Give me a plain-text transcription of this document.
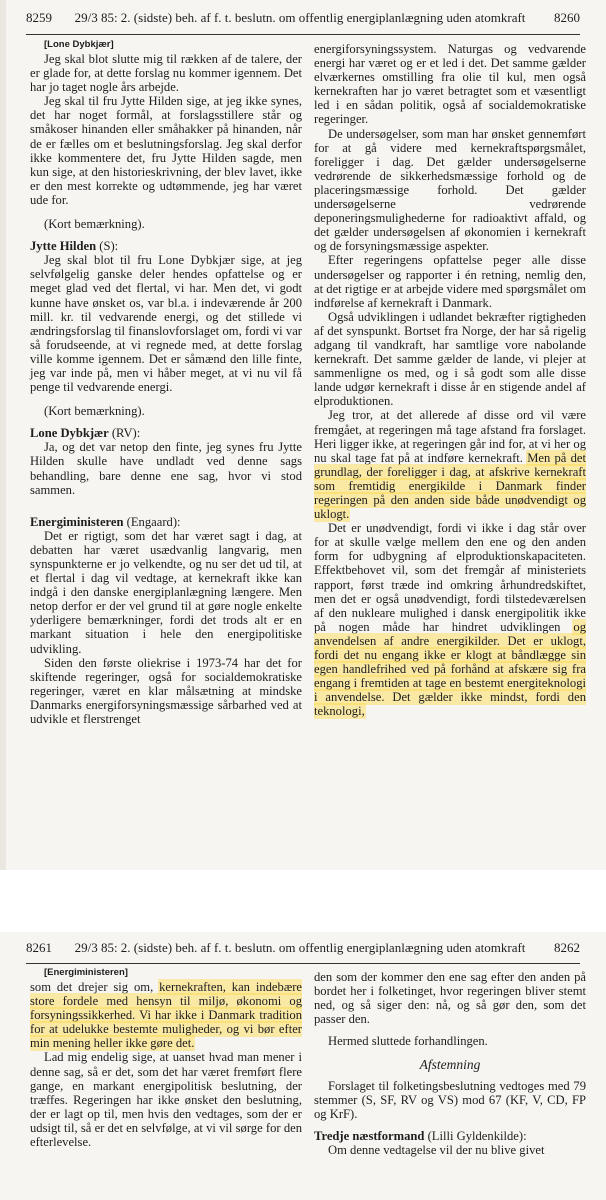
8259 29/3 85: 2. (sidste) beh. af f. t. beslutn. om offentlig energiplanlægning uden atomkraft 8260

[Lone Dybkjær]

Jeg skal blot slutte mig til rækken af de talere, der er glade for, at dette forslag nu kommer igennem. Det har jo taget nogle års arbejde.

Jeg skal til fru Jytte Hilden sige, at jeg ikke synes, det har noget formål, at forslagsstillere står og småkoser hinanden eller småhakker på hinanden, når de er fælles om et beslutningsforslag. Jeg skal derfor ikke kommentere det, fru Jytte Hilden sagde, men kun sige, at den historieskrivning, der blev lavet, ikke er den mest korrekte og udtømmende, jeg har været ude for.

(Kort bemærkning).

Jytte Hilden (S):

Jeg skal blot til fru Lone Dybkjær sige, at jeg selvfølgelig ganske deler hendes opfattelse og er meget glad ved det flertal, vi har. Men det, vi godt kunne have ønsket os, var bl.a. i indeværende år 200 mill. kr. til vedvarende energi, og det stillede vi ændringsforslag til finanslovforslaget om, fordi vi var så forudseende, at vi regnede med, at dette forslag ville komme igennem. Det er såmænd den lille finte, jeg var inde på, men vi håber meget, at vi nu vil få penge til vedvarende energi.

(Kort bemærkning).

Lone Dybkjær (RV):

Ja, og det var netop den finte, jeg synes fru Jytte Hilden skulle have undladt ved denne sags behandling, bare denne ene sag, hvor vi stod sammen.

Energiministeren (Engaard):

Det er rigtigt, som det har været sagt i dag, at debatten har været usædvanlig langvarig, men synspunkterne er jo velkendte, og nu ser det ud til, at et flertal i dag vil vedtage, at kernekraft ikke kan indgå i den danske energiplanlægning længere. Men netop derfor er der vel grund til at gøre nogle enkelte yderligere bemærkninger, fordi det trods alt er en markant situation i hele den energipolitiske udvikling.

Siden den første oliekrise i 1973-74 har det for skiftende regeringer, også for socialdemokratiske regeringer, været en klar målsætning at mindske Danmarks energiforsyningsmæssige sårbarhed ved at udvikle et flerstrenget

energiforsyningssystem. Naturgas og vedvarende energi har været og er et led i det. Det samme gælder elværkernes omstilling fra olie til kul, men også kernekraften har jo været betragtet som et væsentligt led i en sådan politik, også af socialdemokratiske regeringer.

De undersøgelser, som man har ønsket gennemført for at gå videre med kernekraftspørgsmålet, foreligger i dag. Det gælder undersøgelserne vedrørende de sikkerhedsmæssige forhold og de placeringsmæssige forhold. Det gælder undersøgelserne vedrørende deponeringsmulighederne for radioaktivt affald, og det gælder undersøgelsen af økonomien i kernekraft og de forsyningsmæssige aspekter.

Efter regeringens opfattelse peger alle disse undersøgelser og rapporter i én retning, nemlig den, at det rigtige er at arbejde videre med spørgsmålet om indførelse af kernekraft i Danmark.

Også udviklingen i udlandet bekræfter rigtigheden af det synspunkt. Bortset fra Norge, der har så rigelig adgang til vandkraft, har samtlige vore nabolande kernekraft. Det samme gælder de lande, vi plejer at sammenligne os med, og i så godt som alle disse lande udgør kernekraft i disse år en stigende andel af elproduktionen.

Jeg tror, at det allerede af disse ord vil være fremgået, at regeringen må tage afstand fra forslaget. Heri ligger ikke, at regeringen går ind for, at vi her og nu skal tage fat på at indføre kernekraft. Men på det grundlag, der foreligger i dag, at afskrive kernekraft som fremtidig energikilde i Danmark finder regeringen på den anden side både unødvendigt og uklogt.

Det er unødvendigt, fordi vi ikke i dag står over for at skulle vælge mellem den ene og den anden form for udbygning af elproduktionskapaciteten. Effektbehovet vil, som det fremgår af ministeriets rapport, først træde ind omkring århundredskiftet, men det er også unødvendigt, fordi tilstedeværelsen af den nukleare mulighed i dansk energipolitik ikke på nogen måde har hindret udviklingen og anvendelsen af andre energikilder. Det er uklogt, fordi det nu engang ikke er klogt at båndlægge sin egen handlefrihed ved på forhånd at afskære sig fra engang i fremtiden at tage en bestemt energiteknologi i anvendelse. Det gælder ikke mindst, fordi den teknologi,

8261 29/3 85: 2. (sidste) beh. af f. t. beslutn. om offentlig energiplanlægning uden atomkraft 8262

[Energiministeren]

som det drejer sig om, kernekraften, kan indebære store fordele med hensyn til miljø, økonomi og forsyningssikkerhed. Vi har ikke i Danmark tradition for at udelukke bestemte muligheder, og vi bør efter min mening heller ikke gøre det.

Lad mig endelig sige, at uanset hvad man mener i denne sag, så er det, som det har været fremført flere gange, en markant energipolitisk beslutning, der træffes. Regeringen har ikke ønsket den beslutning, der er lagt op til, men hvis den vedtages, som der er udsigt til, så er det en selvfølge, at vi vil sørge for den efterlevelse.

den som der kommer den ene sag efter den anden på bordet her i folketinget, hvor regeringen bliver stemt ned, og så siger den: nå, og så gør den, som det passer den.

Hermed sluttede forhandlingen.

Afstemning

Forslaget til folketingsbeslutning vedtoges med 79 stemmer (S, SF, RV og VS) mod 67 (KF, V, CD, FP og KrF).

Tredje næstformand (Lilli Gyldenkilde):

Om denne vedtagelse vil der nu blive givet
